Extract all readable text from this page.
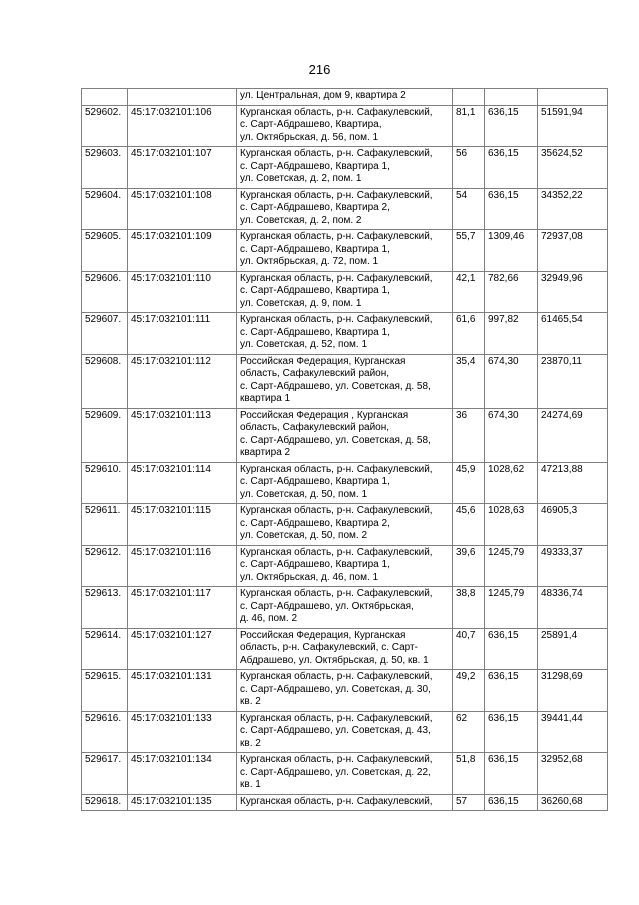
216
		ул. Центральная, дом 9, квартира 2			
529602.	45:17:032101:106	Курганская область, р-н. Сафакулевский,
с. Сарт-Абдрашево, Квартира,
ул. Октябрьская, д. 56, пом. 1	81,1	636,15	51591,94
529603.	45:17:032101:107	Курганская область, р-н. Сафакулевский,
с. Сарт-Абдрашево, Квартира 1,
ул. Советская, д. 2, пом. 1	56	636,15	35624,52
529604.	45:17:032101:108	Курганская область, р-н. Сафакулевский,
с. Сарт-Абдрашево, Квартира 2,
ул. Советская, д. 2, пом. 2	54	636,15	34352,22
529605.	45:17:032101:109	Курганская область, р-н. Сафакулевский,
с. Сарт-Абдрашево, Квартира 1,
ул. Октябрьская, д. 72, пом. 1	55,7	1309,46	72937,08
529606.	45:17:032101:110	Курганская область, р-н. Сафакулевский,
с. Сарт-Абдрашево, Квартира 1,
ул. Советская, д. 9, пом. 1	42,1	782,66	32949,96
529607.	45:17:032101:111	Курганская область, р-н. Сафакулевский,
с. Сарт-Абдрашево, Квартира 1,
ул. Советская, д. 52, пом. 1	61,6	997,82	61465,54
529608.	45:17:032101:112	Российская Федерация, Курганская
область, Сафакулевский район,
с. Сарт-Абдрашево, ул. Советская, д. 58,
квартира 1	35,4	674,30	23870,11
529609.	45:17:032101:113	Российская Федерация , Курганская
область, Сафакулевский район,
с. Сарт-Абдрашево, ул. Советская, д. 58,
квартира 2	36	674,30	24274,69
529610.	45:17:032101:114	Курганская область, р-н. Сафакулевский,
с. Сарт-Абдрашево, Квартира 1,
ул. Советская, д. 50, пом. 1	45,9	1028,62	47213,88
529611.	45:17:032101:115	Курганская область, р-н. Сафакулевский,
с. Сарт-Абдрашево, Квартира 2,
ул. Советская, д. 50, пом. 2	45,6	1028,63	46905,3
529612.	45:17:032101:116	Курганская область, р-н. Сафакулевский,
с. Сарт-Абдрашево, Квартира 1,
ул. Октябрьская, д. 46, пом. 1	39,6	1245,79	49333,37
529613.	45:17:032101:117	Курганская область, р-н. Сафакулевский,
с. Сарт-Абдрашево, ул. Октябрьская,
д. 46, пом. 2	38,8	1245,79	48336,74
529614.	45:17:032101:127	Российская Федерация, Курганская
область, р-н. Сафакулевский, с. Сарт-
Абдрашево, ул. Октябрьская, д. 50, кв. 1	40,7	636,15	25891,4
529615.	45:17:032101:131	Курганская область, р-н. Сафакулевский,
с. Сарт-Абдрашево, ул. Советская, д. 30,
кв. 2	49,2	636,15	31298,69
529616.	45:17:032101:133	Курганская область, р-н. Сафакулевский,
с. Сарт-Абдрашево, ул. Советская, д. 43,
кв. 2	62	636,15	39441,44
529617.	45:17:032101:134	Курганская область, р-н. Сафакулевский,
с. Сарт-Абдрашево, ул. Советская, д. 22,
кв. 1	51,8	636,15	32952,68
529618.	45:17:032101:135	Курганская область, р-н. Сафакулевский,	57	636,15	36260,68
